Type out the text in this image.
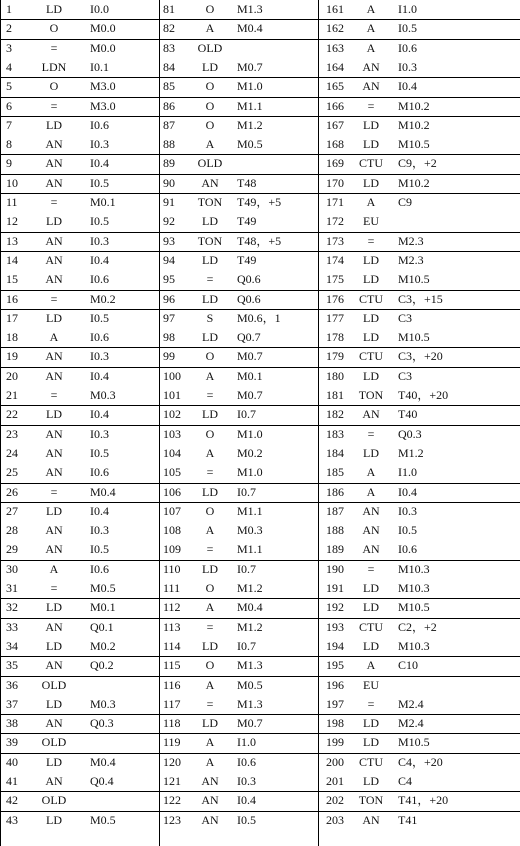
1	LD	I0.0
2	O	M0.0
3	=	M0.0
4	LDN	I0.1
5	O	M3.0
6	=	M3.0
7	LD	I0.6
8	AN	I0.3
9	AN	I0.4
10	AN	I0.5
11	=	M0.1
12	LD	I0.5
13	AN	I0.3
14	AN	I0.4
15	AN	I0.6
16	=	M0.2
17	LD	I0.5
18	A	I0.6
19	AN	I0.3
20	AN	I0.4
21	=	M0.3
22	LD	I0.4
23	AN	I0.3
24	AN	I0.5
25	AN	I0.6
26	=	M0.4
27	LD	I0.4
28	AN	I0.3
29	AN	I0.5
30	A	I0.6
31	=	M0.5
32	LD	M0.1
33	AN	Q0.1
34	LD	M0.2
35	AN	Q0.2
36	OLD
37	LD	M0.3
38	AN	Q0.3
39	OLD
40	LD	M0.4
41	AN	Q0.4
42	OLD
43	LD	M0.5
81	O	M1.3
82	A	M0.4
83	OLD
84	LD	M0.7
85	O	M1.0
86	O	M1.1
87	O	M1.2
88	A	M0.5
89	OLD
90	AN	T48
91	TON	T49，+5
92	LD	T49
93	TON	T48，+5
94	LD	T49
95	=	Q0.6
96	LD	Q0.6
97	S	M0.6，1
98	LD	Q0.7
99	O	M0.7
100	A	M0.1
101	=	M0.7
102	LD	I0.7
103	O	M1.0
104	A	M0.2
105	=	M1.0
106	LD	I0.7
107	O	M1.1
108	A	M0.3
109	=	M1.1
110	LD	I0.7
111	O	M1.2
112	A	M0.4
113	=	M1.2
114	LD	I0.7
115	O	M1.3
116	A	M0.5
117	=	M1.3
118	LD	M0.7
119	A	I1.0
120	A	I0.6
121	AN	I0.3
122	AN	I0.4
123	AN	I0.5
161	A	I1.0
162	A	I0.5
163	A	I0.6
164	AN	I0.3
165	AN	I0.4
166	=	M10.2
167	LD	M10.2
168	LD	M10.5
169	CTU	C9，+2
170	LD	M10.2
171	A	C9
172	EU
173	=	M2.3
174	LD	M2.3
175	LD	M10.5
176	CTU	C3，+15
177	LD	C3
178	LD	M10.5
179	CTU	C3，+20
180	LD	C3
181	TON	T40，+20
182	AN	T40
183	=	Q0.3
184	LD	M1.2
185	A	I1.0
186	A	I0.4
187	AN	I0.3
188	AN	I0.5
189	AN	I0.6
190	=	M10.3
191	LD	M10.3
192	LD	M10.5
193	CTU	C2，+2
194	LD	M10.3
195	A	C10
196	EU
197	=	M2.4
198	LD	M2.4
199	LD	M10.5
200	CTU	C4，+20
201	LD	C4
202	TON	T41，+20
203	AN	T41
